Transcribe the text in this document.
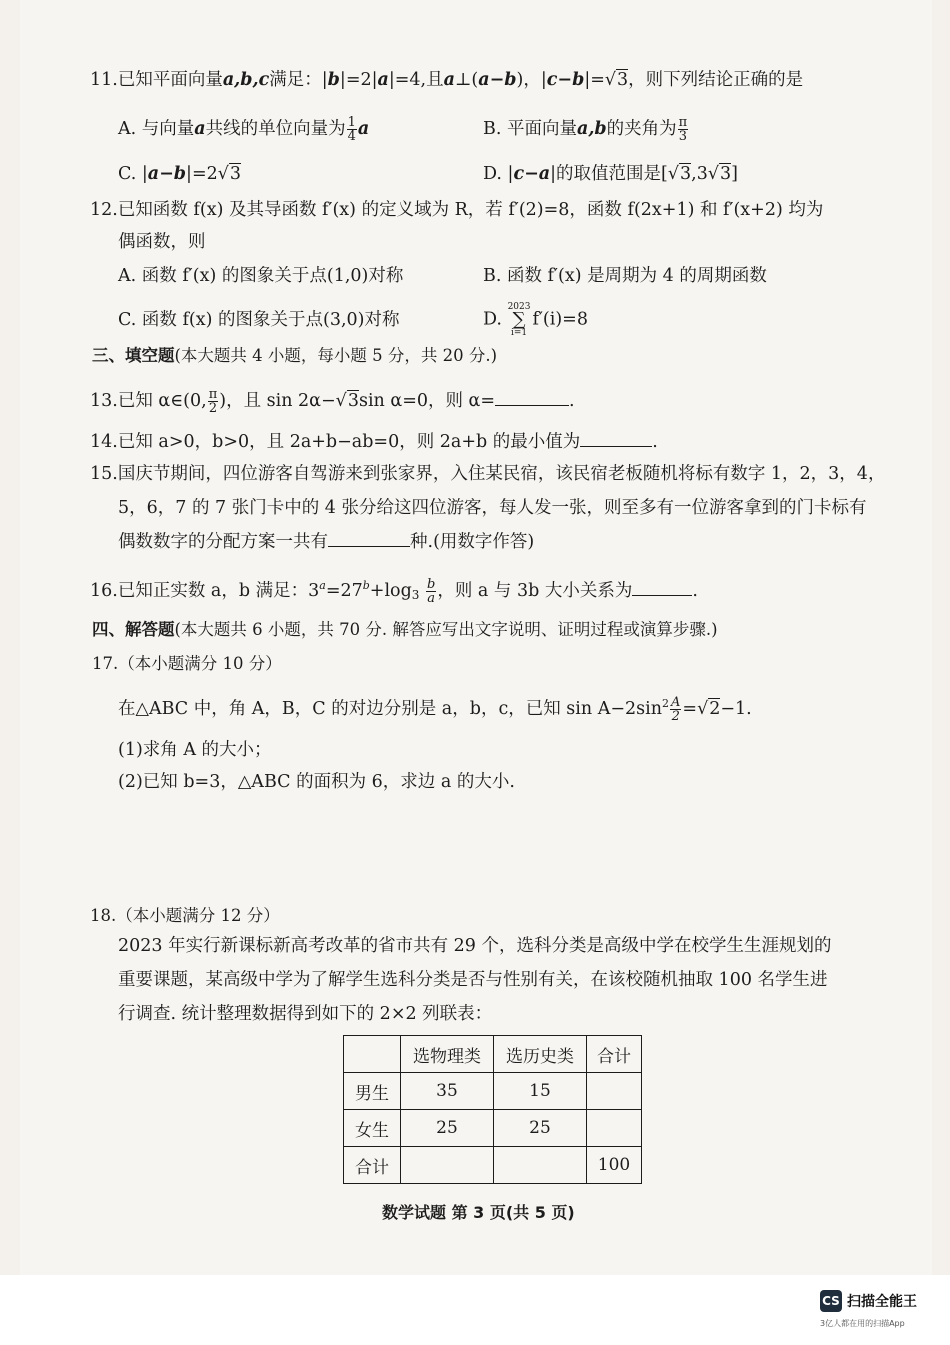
11.已知平面向量a,b,c满足：|b|=2|a|=4,且a⊥(a−b)，|c−b|=√3，则下列结论正确的是
A. 与向量a共线的单位向量为 $\frac{1}{4}$ a	B. 平面向量a,b的夹角为 $\frac{\pi}{3}$
C. |a−b|=2√3	D. |c−a|的取值范围是[√3,3√3]
12.已知函数 f(x) 及其导函数 f′(x) 的定义域为 R，若 f′(2)=8，函数 f(2x+1) 和 f′(x+2) 均为
偶函数，则
A. 函数 f′(x) 的图象关于点(1,0)对称	B. 函数 f′(x) 是周期为 4 的周期函数
C. 函数 f(x) 的图象关于点(3,0)对称	D.
2023
∑
i=1
f′(i)=8
三、填空题(本大题共 4 小题，每小题 5 分，共 20 分.)
13.已知 α∈(0, $\frac{\pi}{2}$ )，且 sin 2α−√3sin α=0，则 α=	.
14.已知 a>0，b>0，且 2a+b−ab=0，则 2a+b 的最小值为	.
15.国庆节期间，四位游客自驾游来到张家界，入住某民宿，该民宿老板随机将标有数字 1，2，3，4，
5，6，7 的 7 张门卡中的 4 张分给这四位游客，每人发一张，则至多有一位游客拿到的门卡标有
偶数数字的分配方案一共有	种.(用数字作答)
16.已知正实数 a，b 满足：$3^a=27^b+\log_3 \frac{b}{a}$ ，则 a 与 3b 大小关系为	.
四、解答题(本大题共 6 小题，共 70 分. 解答应写出文字说明、证明过程或演算步骤.)
17.（本小题满分 10 分）
在△ABC 中，角 A，B，C 的对边分别是 a，b，c，已知 $\sin A-2\sin^2 \frac{A}{2} =√2-1$.
(1)求角 A 的大小；
(2)已知 b=3，△ABC 的面积为 6，求边 a 的大小.
18.（本小题满分 12 分）
2023 年实行新课标新高考改革的省市共有 29 个，选科分类是高级中学在校学生生涯规划的
重要课题，某高级中学为了解学生选科分类是否与性别有关，在该校随机抽取 100 名学生进
行调查. 统计整理数据得到如下的 2×2 列联表：
	选物理类	选历史类	合计
男生	35	15	
女生	25	25	
合计			100
数学试题 第 3 页(共 5 页)
CS 扫描全能王
3亿人都在用的扫描App
